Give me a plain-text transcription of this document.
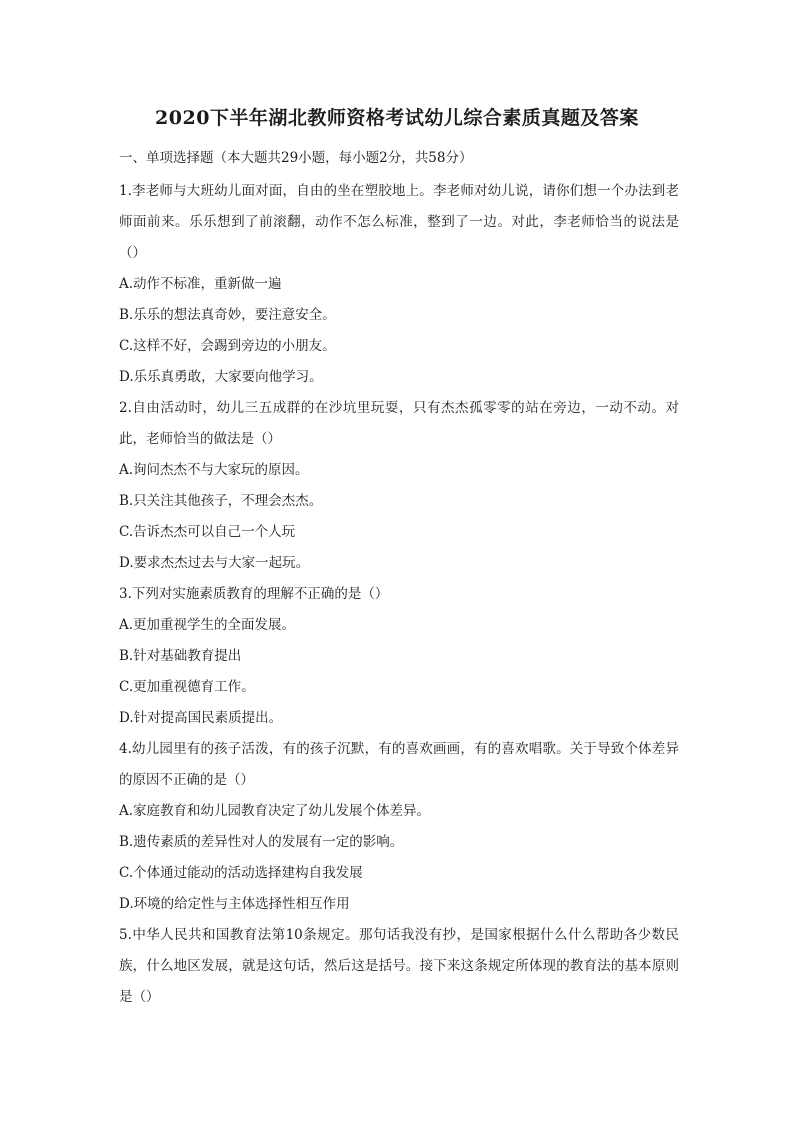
2020下半年湖北教师资格考试幼儿综合素质真题及答案

一、单项选择题（本大题共29小题，每小题2分，共58分）

1.李老师与大班幼儿面对面，自由的坐在塑胶地上。李老师对幼儿说，请你们想一个办法到老师面前来。乐乐想到了前滚翻，动作不怎么标准，整到了一边。对此，李老师恰当的说法是（）

A.动作不标准，重新做一遍
B.乐乐的想法真奇妙，要注意安全。
C.这样不好，会踢到旁边的小朋友。
D.乐乐真勇敢，大家要向他学习。

2.自由活动时，幼儿三五成群的在沙坑里玩耍，只有杰杰孤零零的站在旁边，一动不动。对此，老师恰当的做法是（）

A.询问杰杰不与大家玩的原因。
B.只关注其他孩子，不理会杰杰。
C.告诉杰杰可以自己一个人玩
D.要求杰杰过去与大家一起玩。

3.下列对实施素质教育的理解不正确的是（）

A.更加重视学生的全面发展。
B.针对基础教育提出
C.更加重视德育工作。
D.针对提高国民素质提出。

4.幼儿园里有的孩子活泼，有的孩子沉默，有的喜欢画画，有的喜欢唱歌。关于导致个体差异的原因不正确的是（）

A.家庭教育和幼儿园教育决定了幼儿发展个体差异。
B.遗传素质的差异性对人的发展有一定的影响。
C.个体通过能动的活动选择建构自我发展
D.环境的给定性与主体选择性相互作用

5.中华人民共和国教育法第10条规定。那句话我没有抄，是国家根据什么什么帮助各少数民族，什么地区发展，就是这句话，然后这是括号。接下来这条规定所体现的教育法的基本原则是（）
